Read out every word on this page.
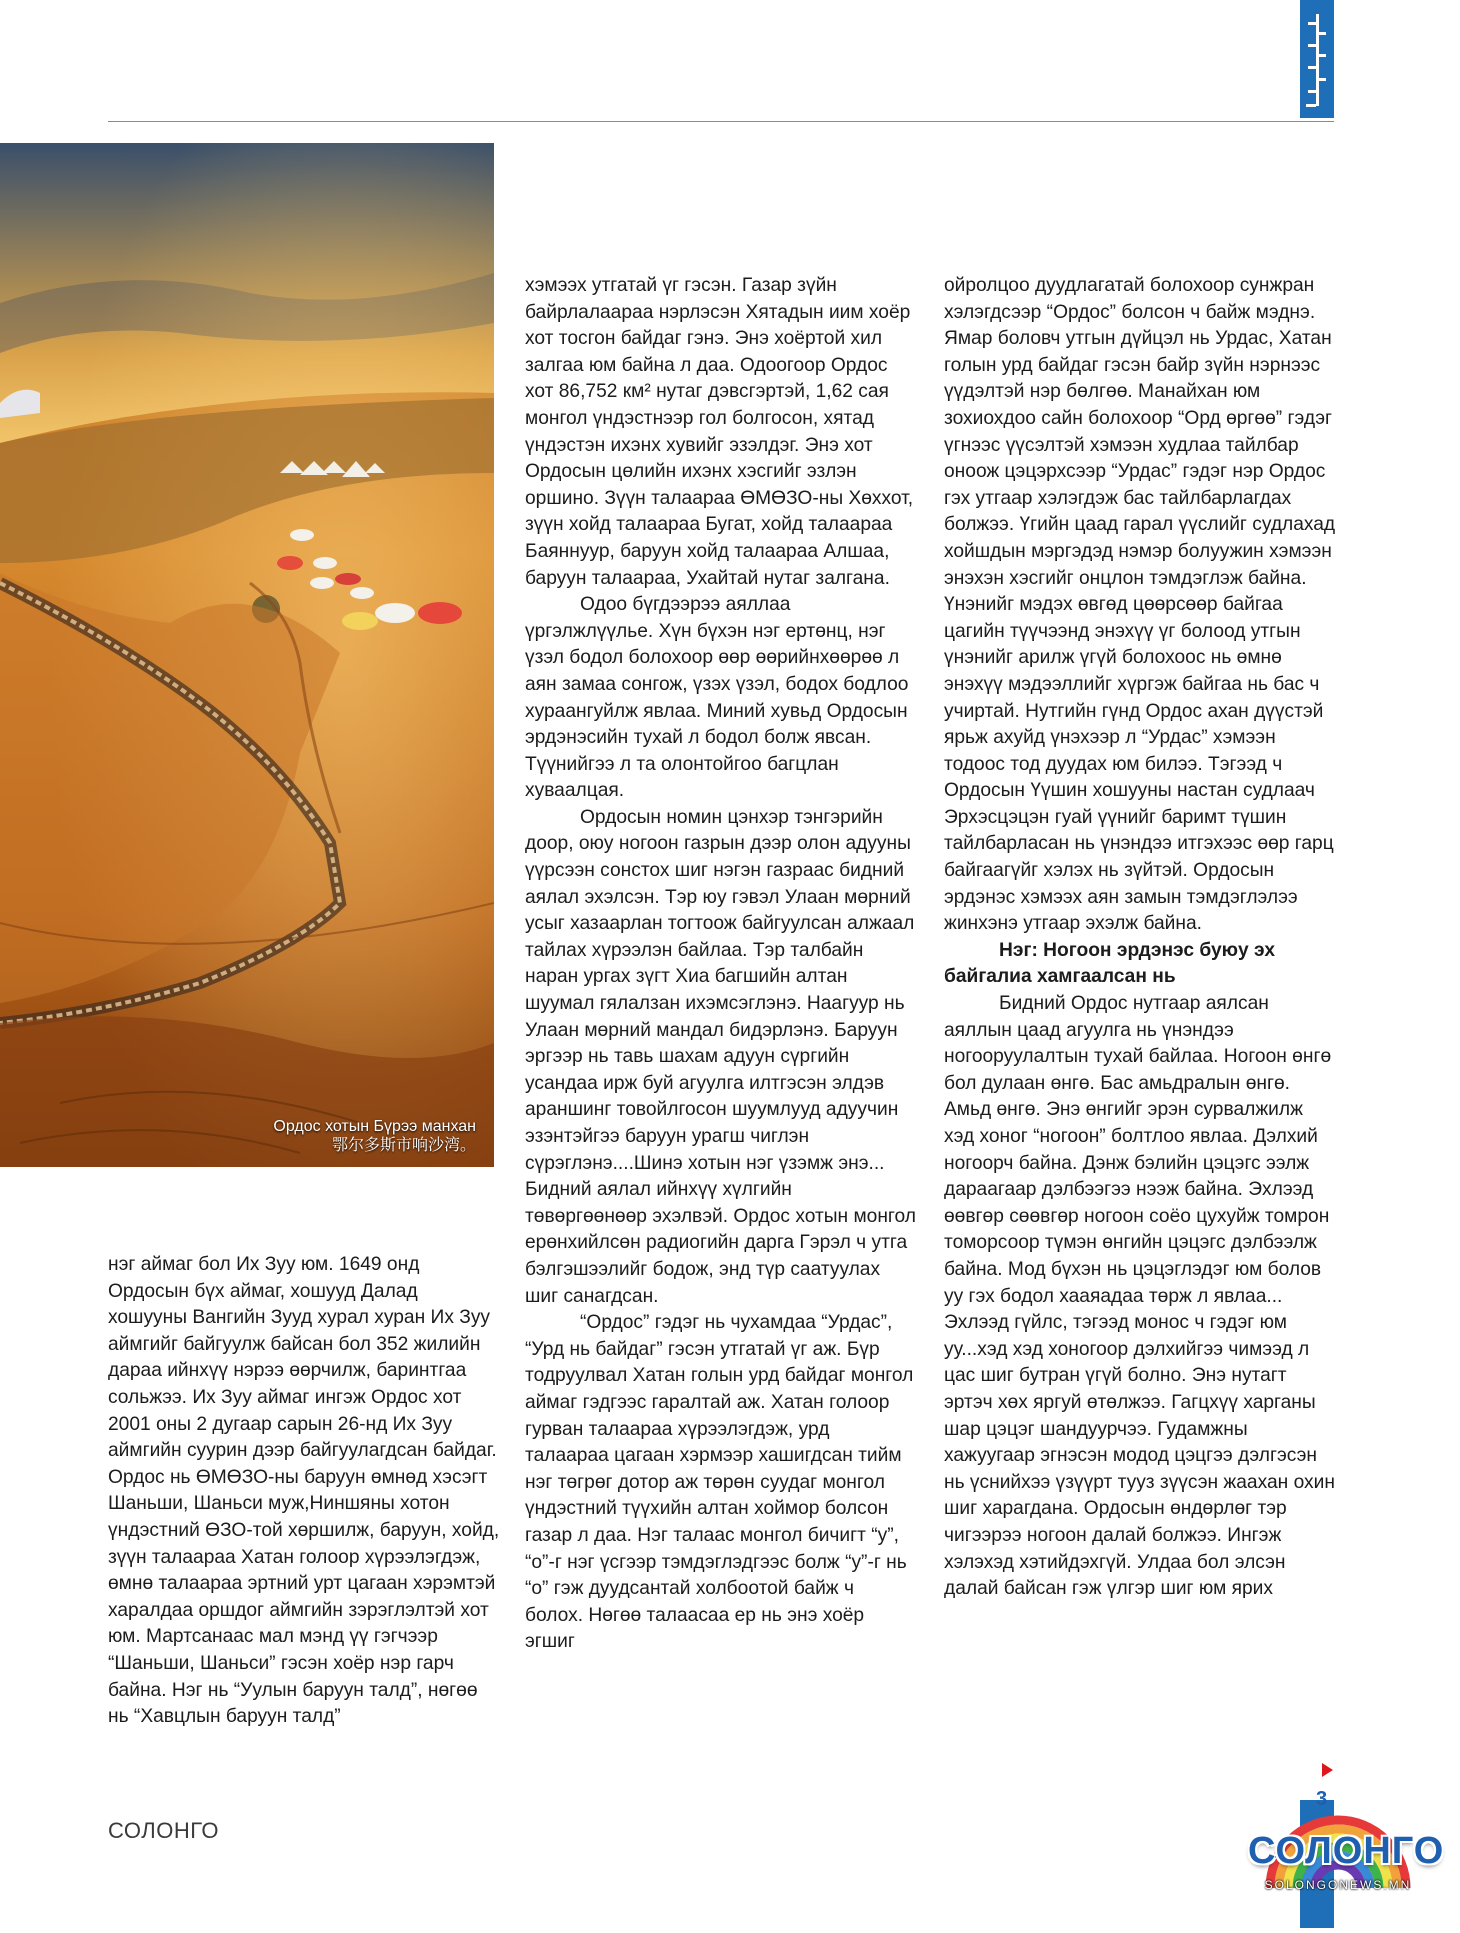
Ордос хотын Бүрээ манхан
鄂尔多斯市响沙湾。

нэг аймаг бол Их Зуу юм. 1649 онд Ордосын бүх аймаг, хошууд Далад хошууны Вангийн Зууд хурал хуран Их Зуу аймгийг байгуулж байсан бол 352 жилийн дараа ийнхүү нэрээ өөрчилж, баринтгаа сольжээ. Их Зуу аймаг ингэж Ордос хот 2001 оны 2 дугаар сарын 26-нд Их Зуу аймгийн суурин дээр байгуулагдсан байдаг. Ордос нь ӨМӨЗО-ны баруун өмнөд хэсэгт Шаньши, Шаньси муж,Ниншяны хотон үндэстний ӨЗО-той хөршилж, баруун, хойд, зүүн талаараа Хатан голоор хүрээлэгдэж, өмнө талаараа эртний урт цагаан хэрэмтэй харалдаа оршдог аймгийн зэрэглэлтэй хот юм. Мартсанаас мал мэнд үү гэгчээр “Шаньши, Шаньси” гэсэн хоёр нэр гарч байна. Нэг нь “Уулын баруун талд”, нөгөө нь “Хавцлын баруун талд”

хэмээх утгатай үг гэсэн. Газар зүйн байрлалаараа нэрлэсэн Хятадын иим хоёр хот тосгон байдаг гэнэ. Энэ хоёртой хил залгаа юм байна л даа. Одоогоор Ордос хот 86,752 км² нутаг дэвсгэртэй, 1,62 сая монгол үндэстнээр гол болгосон, хятад үндэстэн ихэнх хувийг эзэлдэг. Энэ хот Ордосын цөлийн ихэнх хэсгийг эзлэн оршино. Зүүн талаараа ӨМӨЗО-ны Хөххот, зүүн хойд талаараа Бугат, хойд талаараа Баяннуур, баруун хойд талаараа Алшаа, баруун талаараа, Ухайтай нутаг залгана.

Одоо бүгдээрээ аяллаа үргэлжлүүлье. Хүн бүхэн нэг ертөнц, нэг үзэл бодол болохоор өөр өөрийнхөөрөө л аян замаа сонгож, үзэх үзэл, бодох бодлоо хураангуйлж явлаа. Миний хувьд Ордосын эрдэнэсийн тухай л бодол болж явсан. Түүнийгээ л та олонтойгоо багцлан хуваалцая.

Ордосын номин цэнхэр тэнгэрийн доор, оюу ногоон газрын дээр олон адууны үүрсээн сонстох шиг нэгэн газраас бидний аялал эхэлсэн. Тэр юу гэвэл Улаан мөрний усыг хазаарлан тогтоож байгуулсан алжаал тайлах хүрээлэн байлаа. Тэр талбайн наран ургах зүгт Хиа багшийн алтан шуумал гялалзан ихэмсэглэнэ. Наагуур нь Улаан мөрний мандал бидэрлэнэ. Баруун эргээр нь тавь шахам адуун сүргийн усандаа ирж буй агуулга илтгэсэн элдэв араншинг товойлгосон шуумлууд адуучин эзэнтэйгээ баруун урагш чиглэн сүрэглэнэ....Шинэ хотын нэг үзэмж энэ... Бидний аялал ийнхүү хүлгийн төвөргөөнөөр эхэлвэй. Ордос хотын монгол ерөнхийлсөн радиогийн дарга Гэрэл ч утга бэлгэшээлийг бодож, энд түр саатуулах шиг санагдсан.

“Ордос” гэдэг нь чухамдаа “Урдас”, “Урд нь байдаг” гэсэн утгатай үг аж. Бүр тодруулвал Хатан голын урд байдаг монгол аймаг гэдгээс гаралтай аж. Хатан голоор гурван талаараа хүрээлэгдэж, урд талаараа цагаан хэрмээр хашигдсан тийм нэг төгрөг дотор аж төрөн суудаг монгол үндэстний түүхийн алтан хоймор болсон газар л даа. Нэг талаас монгол бичигт “у”, “о”-г нэг үсгээр тэмдэглэдгээс болж “у”-г нь “о” гэж дуудсантай холбоотой байж ч болох. Нөгөө талаасаа ер нь энэ хоёр эгшиг

ойролцоо дуудлагатай болохоор сунжран хэлэгдсээр “Ордос” болсон ч байж мэднэ. Ямар боловч утгын дүйцэл нь Урдас, Хатан голын урд байдаг гэсэн байр зүйн нэрнээс үүдэлтэй нэр бөлгөө. Манайхан юм зохиохдоо сайн болохоор “Орд өргөө” гэдэг үгнээс үүсэлтэй хэмээн худлаа тайлбар оноож цэцэрхсээр “Урдас” гэдэг нэр Ордос гэх утгаар хэлэгдэж бас тайлбарлагдах болжээ. Үгийн цаад гарал үүслийг судлахад хойшдын мэргэдэд нэмэр болуужин хэмээн энэхэн хэсгийг онцлон тэмдэглэж байна. Үнэнийг мэдэх өвгөд цөөрсөөр байгаа цагийн түүчээнд энэхүү үг болоод утгын үнэнийг арилж үгүй болохоос нь өмнө энэхүү мэдээллийг хүргэж байгаа нь бас ч учиртай. Нутгийн гүнд Ордос ахан дүүстэй ярьж ахуйд үнэхээр л “Урдас” хэмээн тодоос тод дуудах юм билээ. Тэгээд ч Ордосын Үүшин хошууны настан судлаач Эрхэсцэцэн гуай үүнийг баримт түшин тайлбарласан нь үнэндээ итгэхээс өөр гарц байгаагүйг хэлэх нь зүйтэй. Ордосын эрдэнэс хэмээх аян замын тэмдэглэлээ жинхэнэ утгаар эхэлж байна.

Нэг: Ногоон эрдэнэс буюу эх байгалиа хамгаалсан нь

Бидний Ордос нутгаар аялсан аяллын цаад агуулга нь үнэндээ ногооруулалтын тухай байлаа. Ногоон өнгө бол дулаан өнгө. Бас амьдралын өнгө. Амьд өнгө. Энэ өнгийг эрэн сурвалжилж хэд хоног “ногоон” болтлоо явлаа. Дэлхий ногоорч байна. Дэнж бэлийн цэцэгс ээлж дараагаар дэлбээгээ нээж байна. Эхлээд өөвгөр сөөвгөр ногоон соёо цухуйж томрон томорсоор түмэн өнгийн цэцэгс дэлбээлж байна. Мод бүхэн нь цэцэглэдэг юм болов уу гэх бодол хааяадаа төрж л явлаа... Эхлээд гүйлс, тэгээд монос ч гэдэг юм уу...хэд хэд хоногоор дэлхийгээ чимээд л цас шиг бутран үгүй болно. Энэ нутагт эртэч хөх яргуй өтөлжээ. Гагцхүү харганы шар цэцэг шандуурчээ. Гудамжны хажуугаар эгнэсэн модод цэцгээ дэлгэсэн нь үснийхээ үзүүрт тууз зүүсэн жаахан охин шиг харагдана. Ордосын өндөрлөг тэр чигээрээ ногоон далай болжээ. Ингэж хэлэхэд хэтийдэхгүй. Улдаа бол элсэн далай байсан гэж үлгэр шиг юм ярих

СОЛОНГО
3
СОЛОНГО
SOLONGONEWS.MN
